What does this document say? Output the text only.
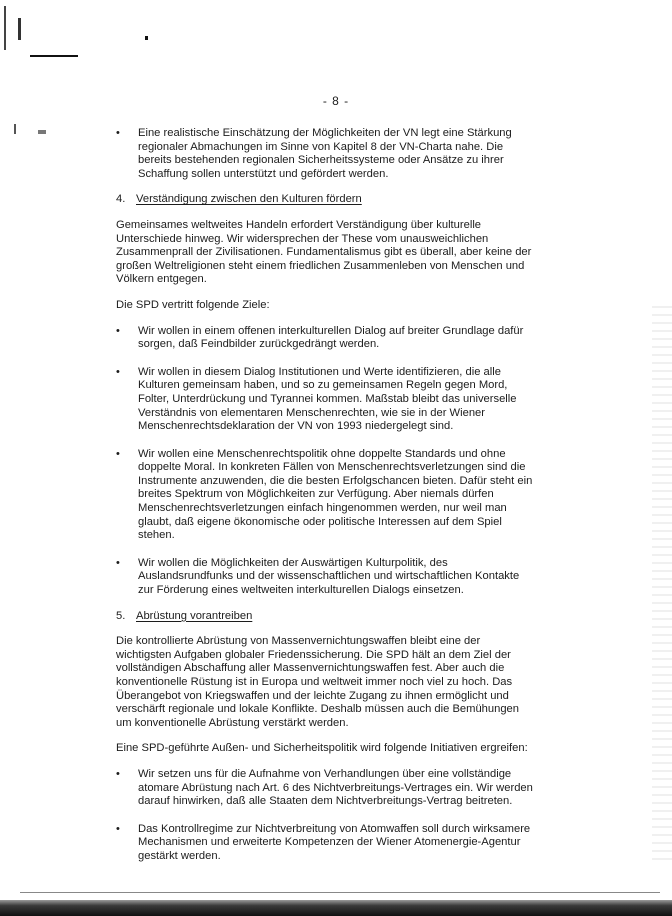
- 8 -
• Eine realistische Einschätzung der Möglichkeiten der VN legt eine Stärkung regionaler Abmachungen im Sinne von Kapitel 8 der VN-Charta nahe. Die bereits bestehenden regionalen Sicherheitssysteme oder Ansätze zu ihrer Schaffung sollen unterstützt und gefördert werden.
4. Verständigung zwischen den Kulturen fördern
Gemeinsames weltweites Handeln erfordert Verständigung über kulturelle Unterschiede hinweg. Wir widersprechen der These vom unausweichlichen Zusammenprall der Zivilisationen. Fundamentalismus gibt es überall, aber keine der großen Weltreligionen steht einem friedlichen Zusammenleben von Menschen und Völkern entgegen.
Die SPD vertritt folgende Ziele:
• Wir wollen in einem offenen interkulturellen Dialog auf breiter Grundlage dafür sorgen, daß Feindbilder zurückgedrängt werden.
• Wir wollen in diesem Dialog Institutionen und Werte identifizieren, die alle Kulturen gemeinsam haben, und so zu gemeinsamen Regeln gegen Mord, Folter, Unterdrückung und Tyrannei kommen. Maßstab bleibt das universelle Verständnis von elementaren Menschenrechten, wie sie in der Wiener Menschenrechtsdeklaration der VN von 1993 niedergelegt sind.
• Wir wollen eine Menschenrechtspolitik ohne doppelte Standards und ohne doppelte Moral. In konkreten Fällen von Menschenrechtsverletzungen sind die Instrumente anzuwenden, die die besten Erfolgschancen bieten. Dafür steht ein breites Spektrum von Möglichkeiten zur Verfügung. Aber niemals dürfen Menschenrechtsverletzungen einfach hingenommen werden, nur weil man glaubt, daß eigene ökonomische oder politische Interessen auf dem Spiel stehen.
• Wir wollen die Möglichkeiten der Auswärtigen Kulturpolitik, des Auslandsrundfunks und der wissenschaftlichen und wirtschaftlichen Kontakte zur Förderung eines weltweiten interkulturellen Dialogs einsetzen.
5. Abrüstung vorantreiben
Die kontrollierte Abrüstung von Massenvernichtungswaffen bleibt eine der wichtigsten Aufgaben globaler Friedenssicherung. Die SPD hält an dem Ziel der vollständigen Abschaffung aller Massenvernichtungswaffen fest. Aber auch die konventionelle Rüstung ist in Europa und weltweit immer noch viel zu hoch. Das Überangebot von Kriegswaffen und der leichte Zugang zu ihnen ermöglicht und verschärft regionale und lokale Konflikte. Deshalb müssen auch die Bemühungen um konventionelle Abrüstung verstärkt werden.
Eine SPD-geführte Außen- und Sicherheitspolitik wird folgende Initiativen ergreifen:
• Wir setzen uns für die Aufnahme von Verhandlungen über eine vollständige atomare Abrüstung nach Art. 6 des Nichtverbreitungs-Vertrages ein. Wir werden darauf hinwirken, daß alle Staaten dem Nichtverbreitungs-Vertrag beitreten.
• Das Kontrollregime zur Nichtverbreitung von Atomwaffen soll durch wirksamere Mechanismen und erweiterte Kompetenzen der Wiener Atomenergie-Agentur gestärkt werden.
